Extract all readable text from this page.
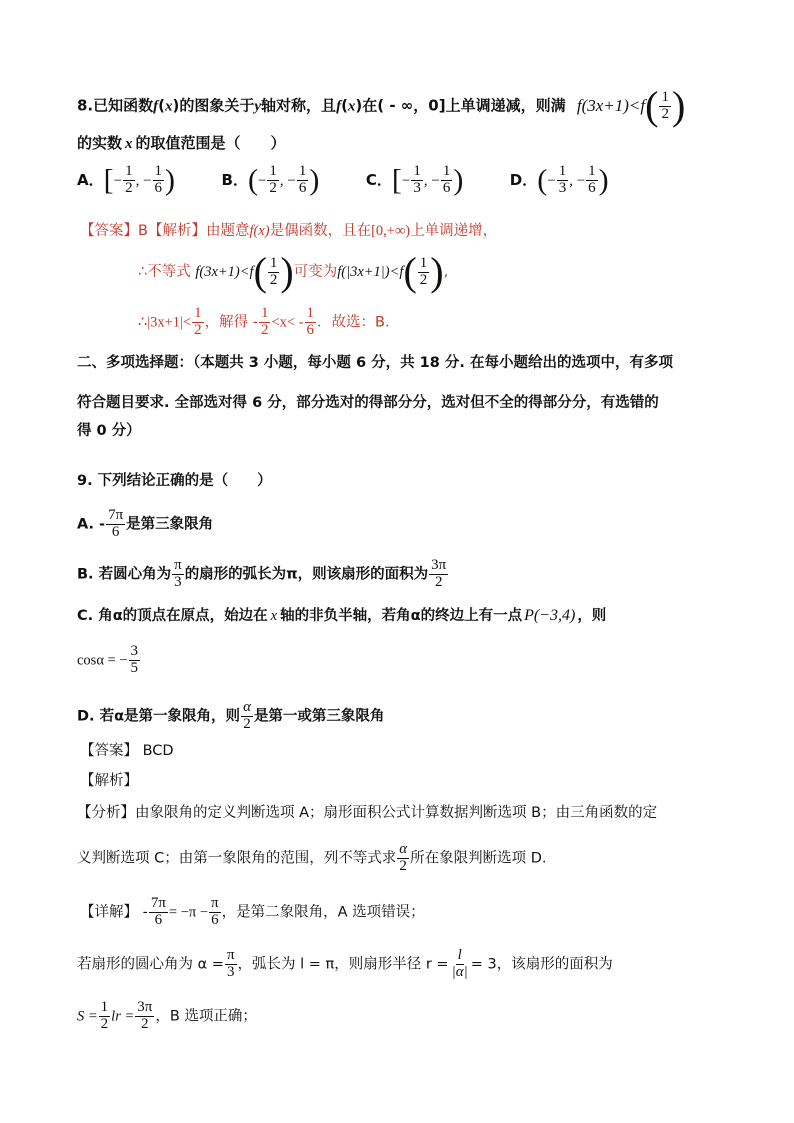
8.已知函数f(x)的图象关于y轴对称，且f(x)在( - ∞，0]上单调递减，则满 $f(3x+1)<f( \frac{1}{2}$ )
的实数 x 的取值范围是（　　）
A．[− $\frac{1}{2}$ , − $\frac{1}{6}$ )	B．(− $\frac{1}{2}$ , − $\frac{1}{6}$ )	C．[− $\frac{1}{3}$ , − $\frac{1}{6}$ )	D．(− $\frac{1}{3}$ , − $\frac{1}{6}$ )
【答案】B【解析】由题意f(x)是偶函数，且在[0,+∞)上单调递增，
∴不等式 $f(3x+1)<f( \frac{1}{2}$ )可变为$f(|3x+1|)<f( \frac{1}{2}$ ),
∴|3x+1|< $\frac{1}{2}$ ，解得 - $\frac{1}{2} <x< - \frac{1}{6}$ ．故选：B．
二、多项选择题：（本题共 3 小题，每小题 6 分，共 18 分. 在每小题给出的选项中，有多项
符合题目要求. 全部选对得 6 分，部分选对的得部分分，选对但不全的得部分分，有选错的
得 0 分）
9. 下列结论正确的是（　　）
A. - $\frac{7\pi}{6}$ 是第三象限角
B. 若圆心角为 $\frac{\pi}{3}$ 的扇形的弧长为π，则该扇形的面积为 $\frac{3\pi}{2}$
C. 角α的顶点在原点，始边在 x 轴的非负半轴，若角α的终边上有一点 P(−3,4) ，则
cosα = − $\frac{3}{5}$
D. 若α是第一象限角，则 $\frac{\alpha}{2}$ 是第一或第三象限角
【答案】 BCD
【解析】
【分析】由象限角的定义判断选项 A；扇形面积公式计算数据判断选项 B；由三角函数的定
义判断选项 C；由第一象限角的范围，列不等式求 $\frac{\alpha}{2}$ 所在象限判断选项 D.
【详解】 - $\frac{7\pi}{6} = -\pi - \frac{\pi}{6}$ ，是第二象限角，A 选项错误；
若扇形的圆心角为 $\alpha = \frac{\pi}{3}$ ，弧长为 l = π，则扇形半径 $r = \frac{l}{|\alpha|} = 3$，该扇形的面积为
$S = \frac{1}{2}$ lr = $\frac{3\pi}{2}$ ，B 选项正确；
